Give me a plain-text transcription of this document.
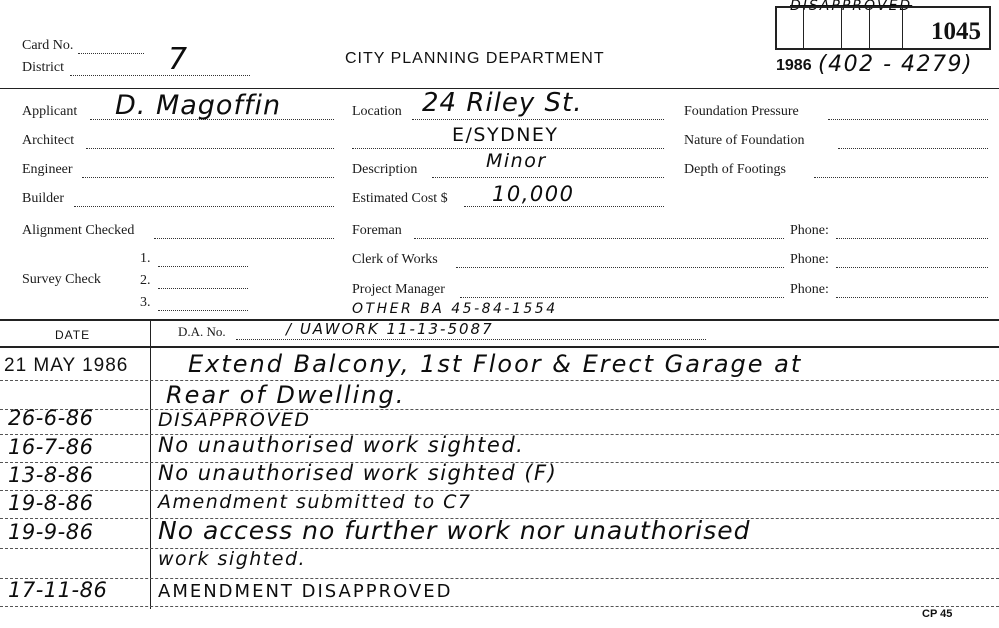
Card No.
District	7	CITY PLANNING DEPARTMENT
DISAPPROVED
1045
1986 (402 - 4279)
Applicant D. Magoffin
Architect
Engineer
Builder
Alignment Checked
Survey Check
1.
2.
3.
Location 24 Riley St.
E/SYDNEY
Description	Minor
Estimated Cost $ 10,000
Foreman
Clerk of Works
Project Manager
OTHER BA 45-84-1554
Foundation Pressure
Nature of Foundation
Depth of Footings
Phone:
Phone:
Phone:
DATE	D.A. No.	/ UAWORK 11-13-5087
21 MAY 1986 Extend Balcony, 1st Floor & Erect Garage at
Rear of Dwelling.
26-6-86	DISAPPROVED
16-7-86	No unauthorised work sighted.
13-8-86	No unauthorised work sighted (F)
19-8-86	Amendment submitted to C7
19-9-86	No access no further work nor unauthorised
work sighted.
17-11-86	AMENDMENT DISAPPROVED
CP 45
